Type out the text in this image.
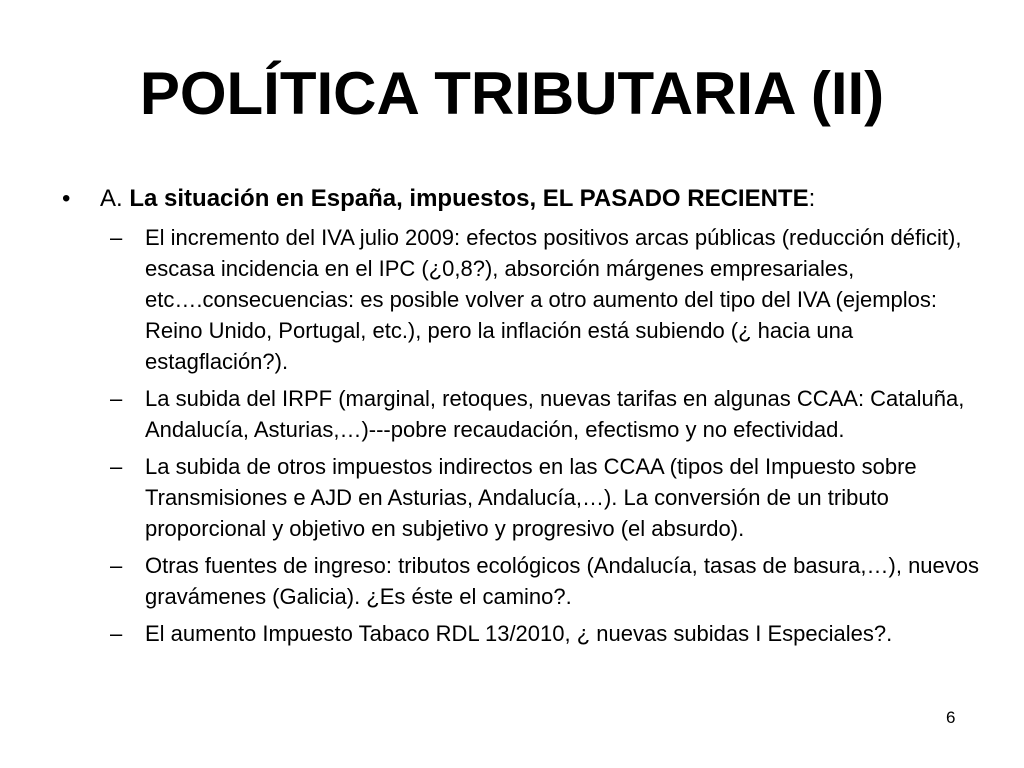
POLÍTICA TRIBUTARIA (II)
•	A. La situación en España, impuestos, EL PASADO RECIENTE:
–	El incremento del IVA julio 2009: efectos positivos arcas públicas (reducción déficit), escasa incidencia en el IPC (¿0,8?), absorción márgenes empresariales, etc….consecuencias: es posible volver a otro aumento del tipo del IVA (ejemplos: Reino Unido, Portugal, etc.), pero la inflación está subiendo (¿ hacia una estagflación?).
–	La subida del IRPF (marginal, retoques, nuevas tarifas en algunas CCAA: Cataluña, Andalucía, Asturias,…)---pobre recaudación, efectismo y no efectividad.
–	La subida de otros impuestos indirectos en las CCAA (tipos del Impuesto sobre Transmisiones e AJD en Asturias, Andalucía,…). La conversión de un tributo proporcional y objetivo en subjetivo y progresivo (el absurdo).
–	Otras fuentes de ingreso: tributos ecológicos (Andalucía, tasas de basura,…), nuevos gravámenes (Galicia). ¿Es éste el camino?.
–	El aumento Impuesto Tabaco RDL 13/2010, ¿ nuevas subidas I Especiales?.
6
